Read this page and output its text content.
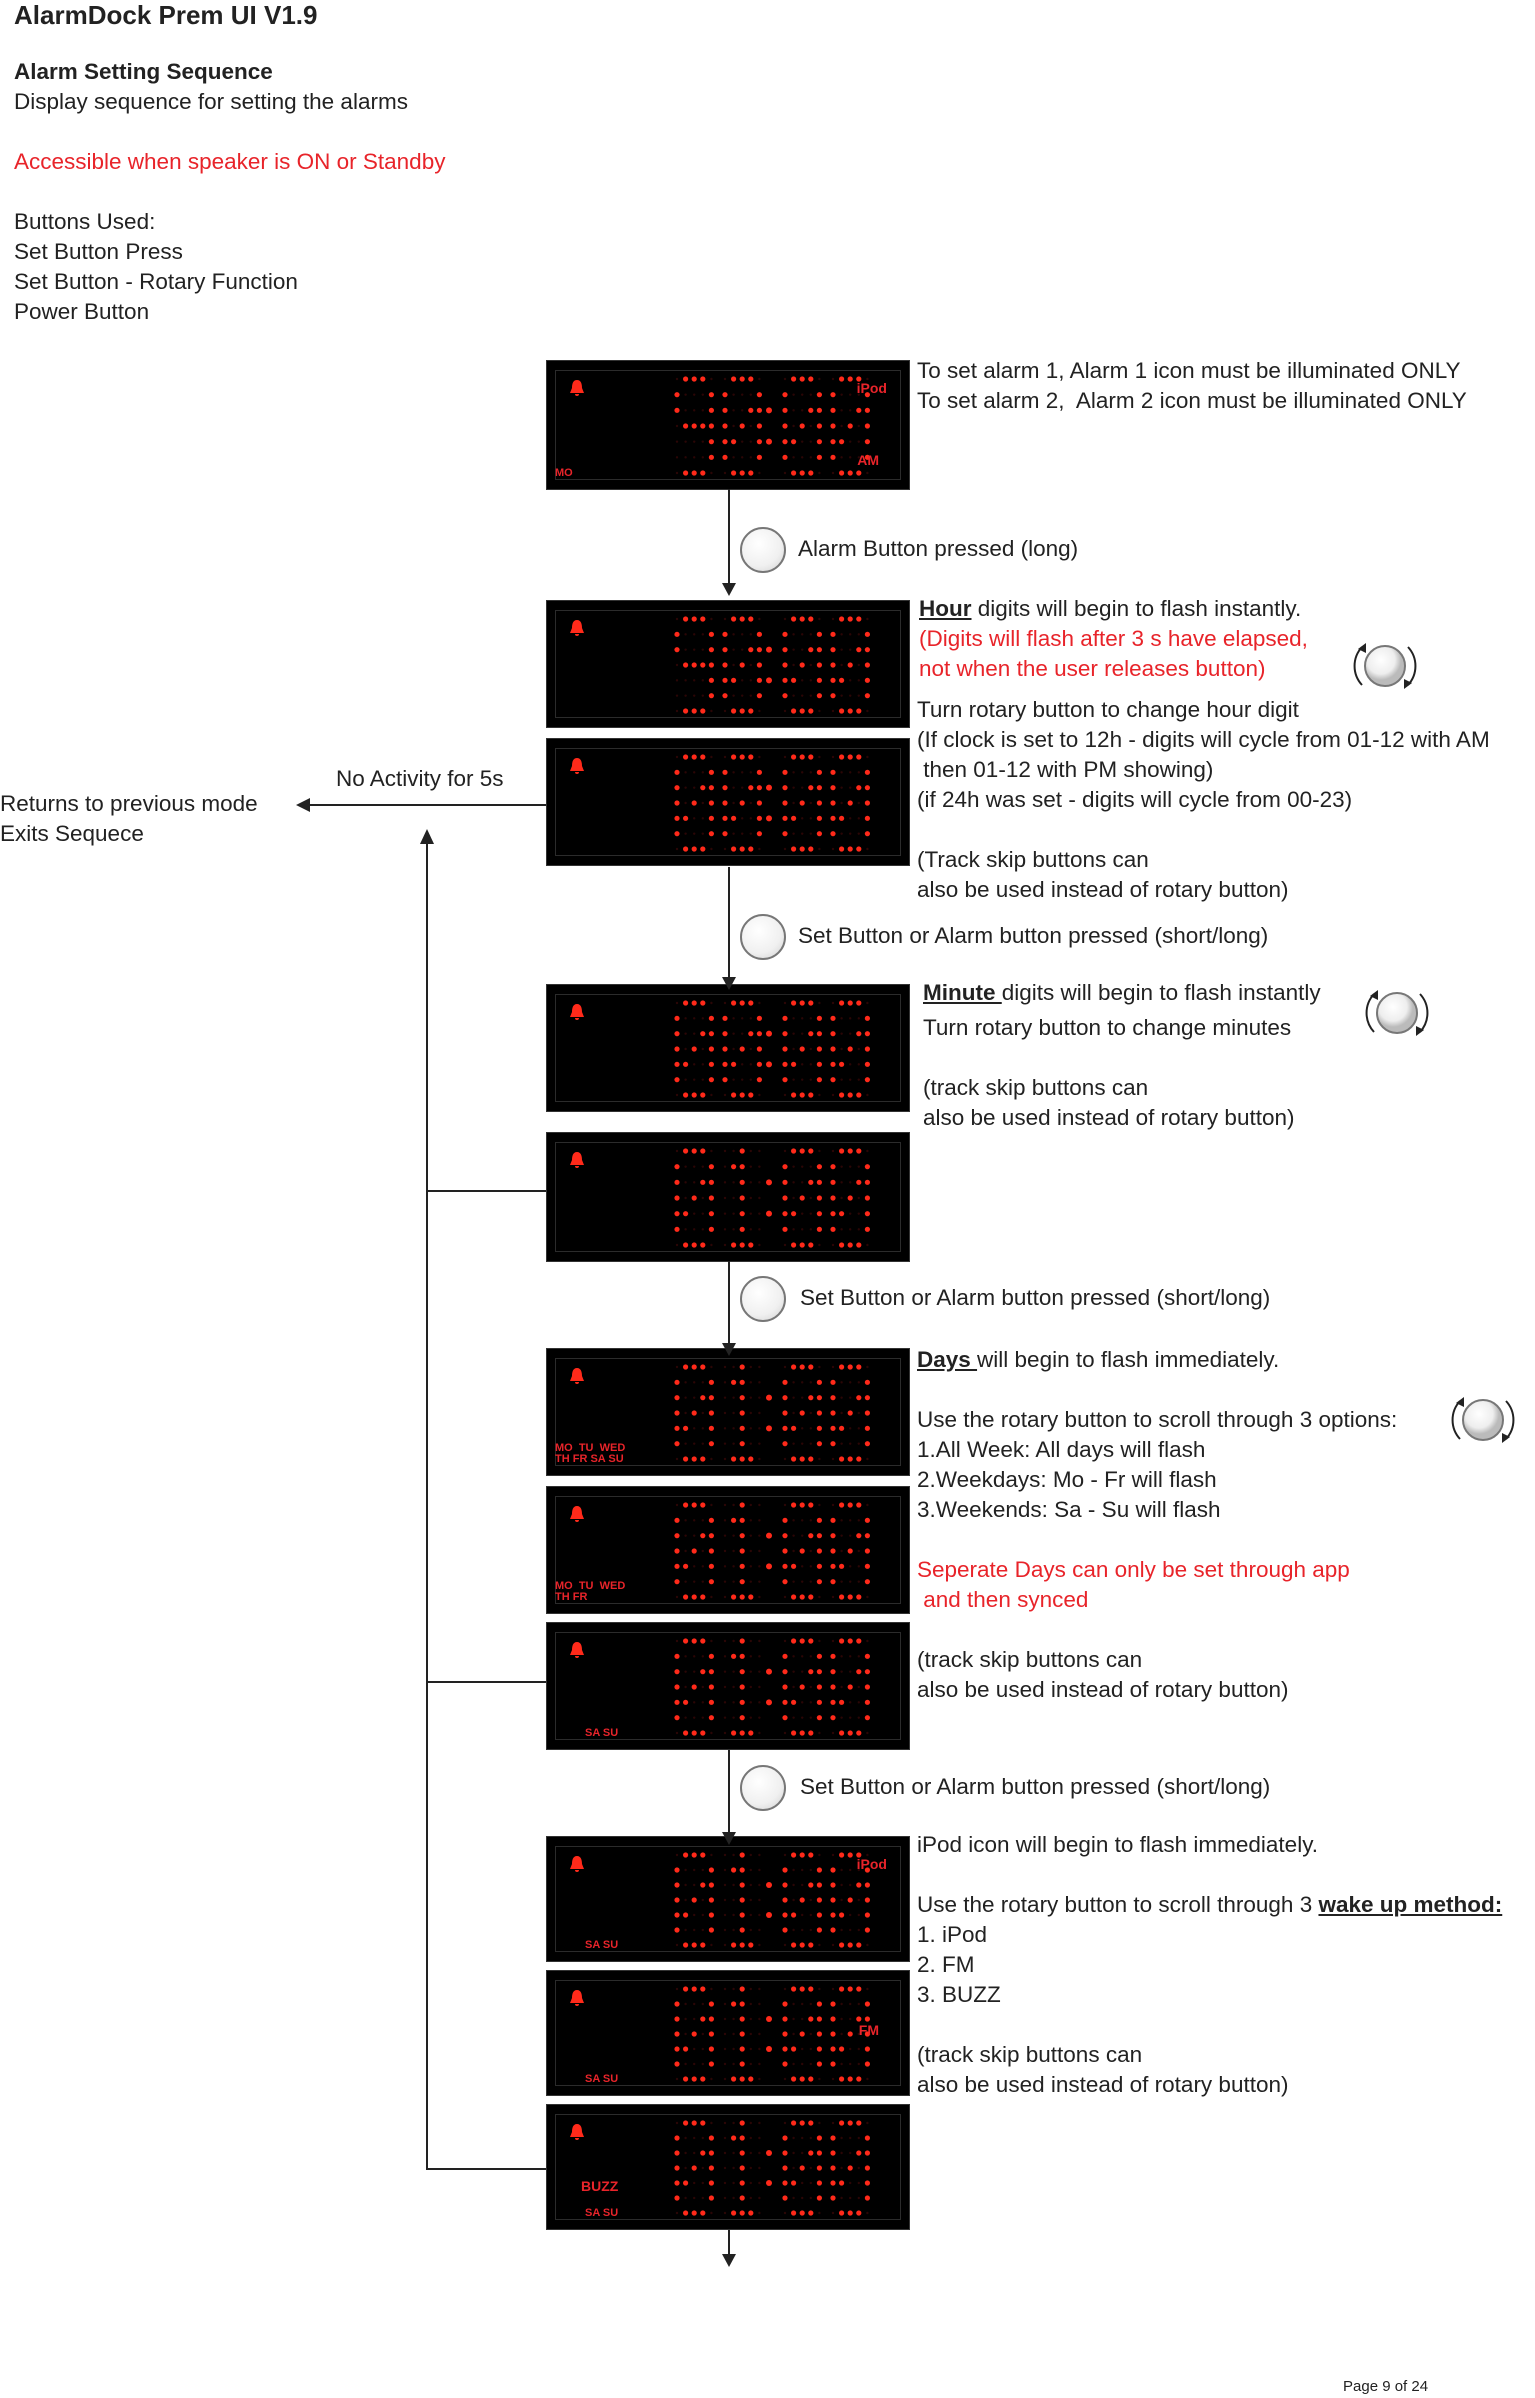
AlarmDock Prem UI V1.9
Alarm Setting Sequence
Display sequence for setting the alarms
Accessible when speaker is ON or Standby
Buttons Used:
Set Button Press
Set Button - Rotary Function
Power Button
iPod
AM
MO
MO  TU  WED
TH FR SA SU
MO  TU  WED
TH FR
SA SU
iPod
SA SU
FM
SA SU
BUZZ
SA SU
To set alarm 1, Alarm 1 icon must be illuminated ONLY
To set alarm 2,  Alarm 2 icon must be illuminated ONLY
No Activity for 5s
Returns to previous mode
Exits Sequece
Alarm Button pressed (long)
Set Button or Alarm button pressed (short/long)
Set Button or Alarm button pressed (short/long)
Set Button or Alarm button pressed (short/long)
Hour digits will begin to flash instantly.
(Digits will flash after 3 s have elapsed,
not when the user releases button)
Turn rotary button to change hour digit
(If clock is set to 12h - digits will cycle from 01-12 with AM
then 01-12 with PM showing)
(if 24h was set - digits will cycle from 00-23)
(Track skip buttons can
also be used instead of rotary button)
Minute digits will begin to flash instantly
Turn rotary button to change minutes
(track skip buttons can
also be used instead of rotary button)
Days will begin to flash immediately.
Use the rotary button to scroll through 3 options:
1.All Week: All days will flash
2.Weekdays: Mo - Fr will flash
3.Weekends: Sa - Su will flash
Seperate Days can only be set through app
and then synced
(track skip buttons can
also be used instead of rotary button)
iPod icon will begin to flash immediately.
Use the rotary button to scroll through 3 wake up method:
1. iPod
2. FM
3. BUZZ
(track skip buttons can
also be used instead of rotary button)
Page 9 of 24
